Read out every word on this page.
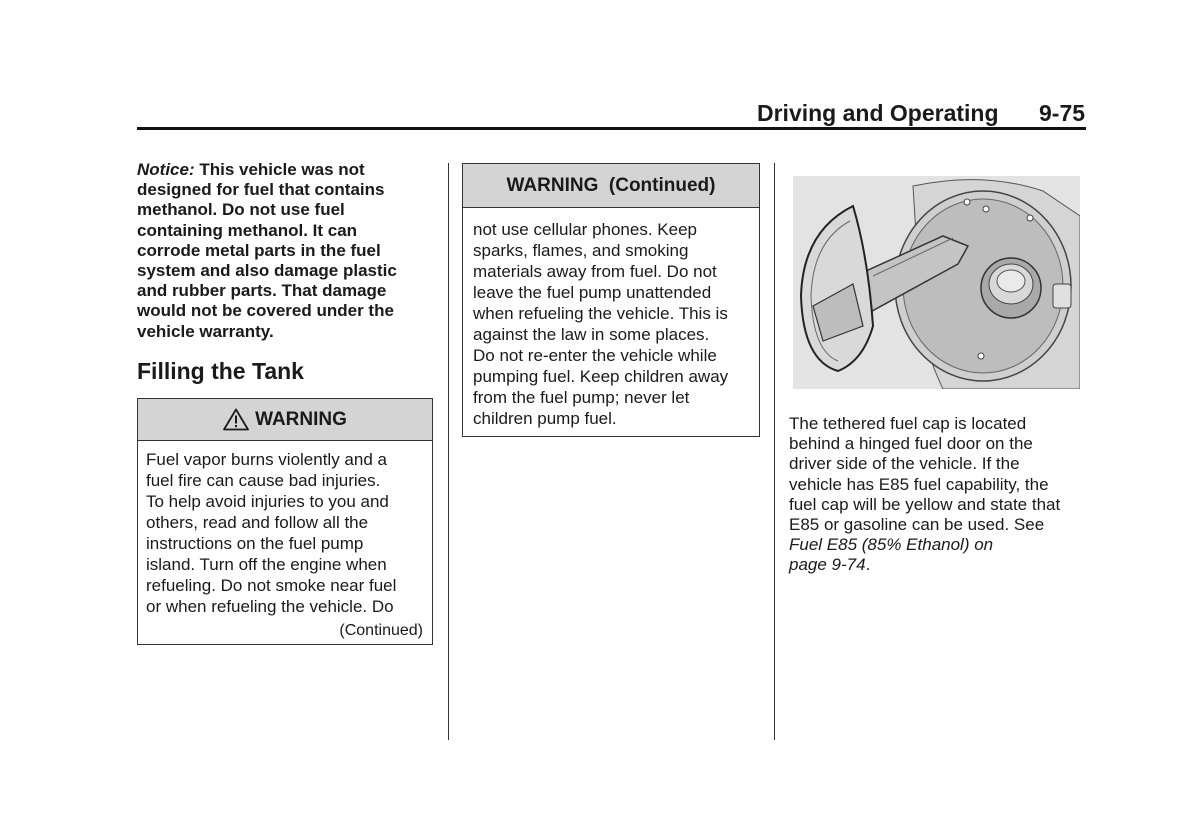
Driving and Operating 9-75
Notice: This vehicle was not
designed for fuel that contains
methanol. Do not use fuel
containing methanol. It can
corrode metal parts in the fuel
system and also damage plastic
and rubber parts. That damage
would not be covered under the
vehicle warranty.
Filling the Tank
WARNING
Fuel vapor burns violently and a
fuel fire can cause bad injuries.
To help avoid injuries to you and
others, read and follow all the
instructions on the fuel pump
island. Turn off the engine when
refueling. Do not smoke near fuel
or when refueling the vehicle. Do
(Continued)
WARNING  (Continued)
not use cellular phones. Keep
sparks, flames, and smoking
materials away from fuel. Do not
leave the fuel pump unattended
when refueling the vehicle. This is
against the law in some places.
Do not re-enter the vehicle while
pumping fuel. Keep children away
from the fuel pump; never let
children pump fuel.	The tethered fuel cap is located
behind a hinged fuel door on the
driver side of the vehicle. If the
vehicle has E85 fuel capability, the
fuel cap will be yellow and state that
E85 or gasoline can be used. See
Fuel E85 (85% Ethanol) on
page 9-74.
